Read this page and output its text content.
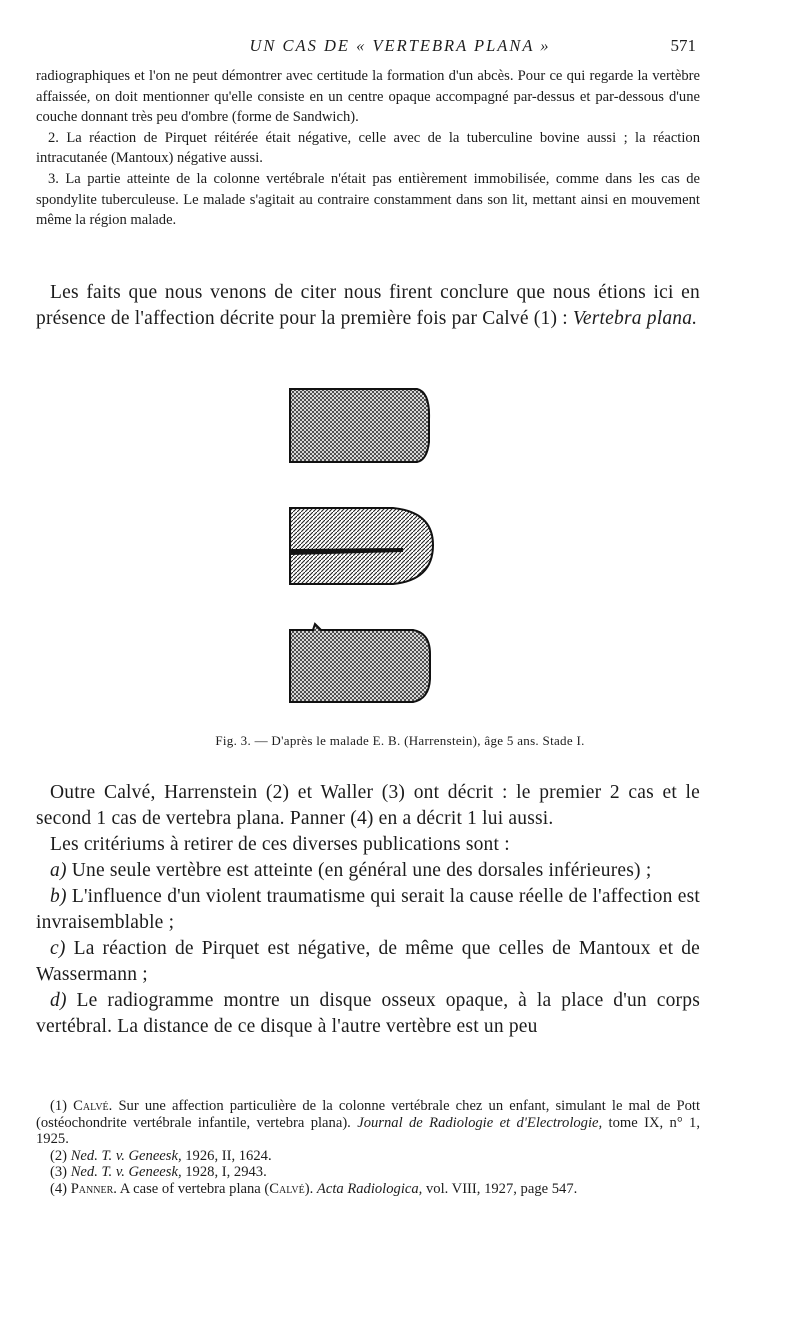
UN CAS DE « VERTEBRA PLANA »	571

radiographiques et l'on ne peut démontrer avec certitude la formation d'un abcès. Pour ce qui regarde la vertèbre affaissée, on doit mentionner qu'elle consiste en un centre opaque accompagné par-dessus et par-dessous d'une couche donnant très peu d'ombre (forme de Sandwich).

2. La réaction de Pirquet réitérée était négative, celle avec de la tuberculine bovine aussi ; la réaction intracutanée (Mantoux) négative aussi.

3. La partie atteinte de la colonne vertébrale n'était pas entièrement immobilisée, comme dans les cas de spondylite tuberculeuse. Le malade s'agitait au contraire constamment dans son lit, mettant ainsi en mouvement même la région malade.

Les faits que nous venons de citer nous firent conclure que nous étions ici en présence de l'affection décrite pour la première fois par Calvé (1) : Vertebra plana.

Fig. 3. — D'après le malade E. B. (Harrenstein), âge 5 ans. Stade I.

Outre Calvé, Harrenstein (2) et Waller (3) ont décrit : le premier 2 cas et le second 1 cas de vertebra plana. Panner (4) en a décrit 1 lui aussi.

Les critériums à retirer de ces diverses publications sont :

a) Une seule vertèbre est atteinte (en général une des dorsales inférieures) ;

b) L'influence d'un violent traumatisme qui serait la cause réelle de l'affection est invraisemblable ;

c) La réaction de Pirquet est négative, de même que celles de Mantoux et de Wassermann ;

d) Le radiogramme montre un disque osseux opaque, à la place d'un corps vertébral. La distance de ce disque à l'autre vertèbre est un peu

(1) Calvé. Sur une affection particulière de la colonne vertébrale chez un enfant, simulant le mal de Pott (ostéochondrite vertébrale infantile, vertebra plana). Journal de Radiologie et d'Electrologie, tome IX, n° 1, 1925.

(2) Ned. T. v. Geneesk, 1926, II, 1624.

(3) Ned. T. v. Geneesk, 1928, I, 2943.

(4) Panner. A case of vertebra plana (Calvé). Acta Radiologica, vol. VIII, 1927, page 547.
